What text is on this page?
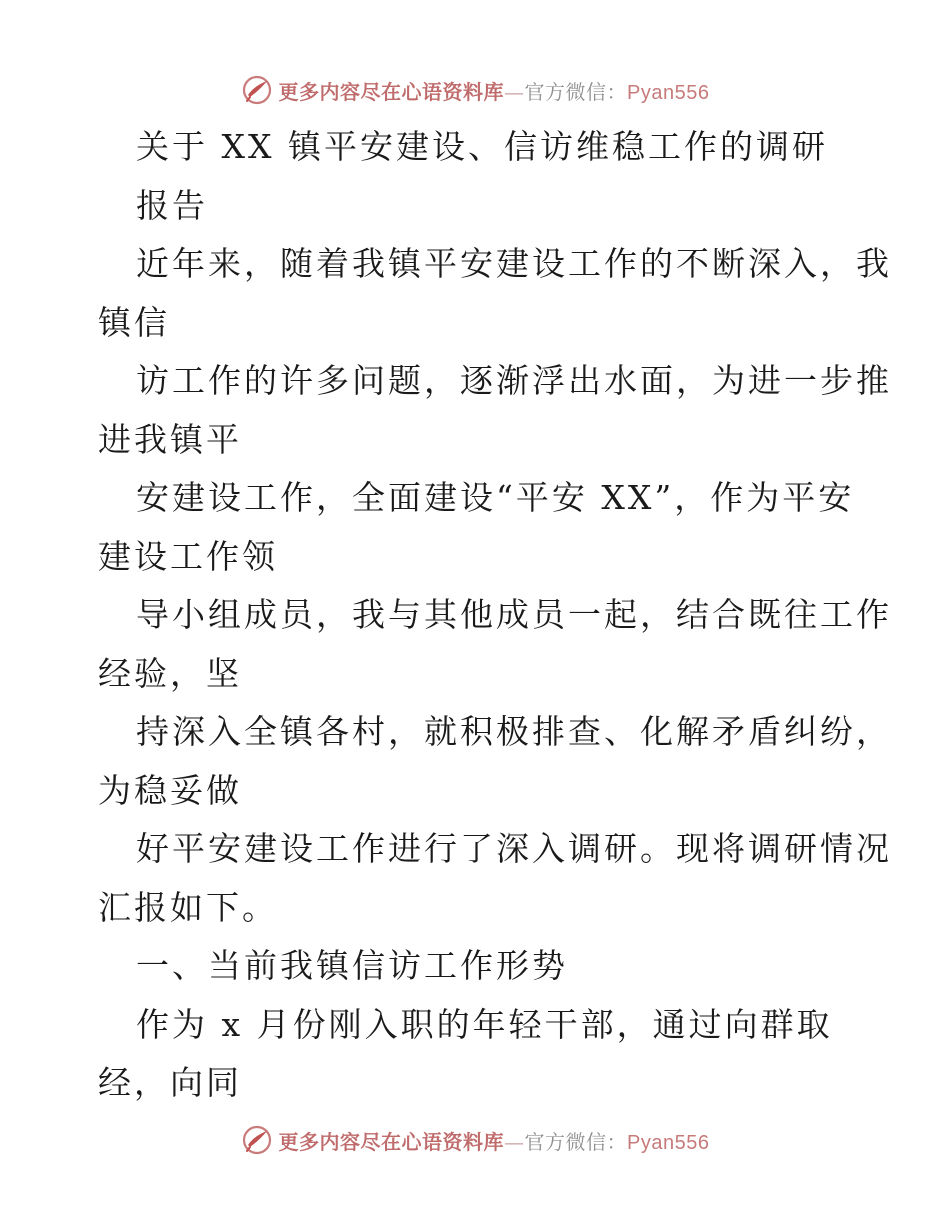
更多内容尽在心语资料库—官方微信：Pyan556
关于 XX 镇平安建设、信访维稳工作的调研
报告
近年来，随着我镇平安建设工作的不断深入，我
镇信
访工作的许多问题，逐渐浮出水面，为进一步推
进我镇平
安建设工作，全面建设“平安 XX”，作为平安
建设工作领
导小组成员，我与其他成员一起，结合既往工作
经验，坚
持深入全镇各村，就积极排查、化解矛盾纠纷，
为稳妥做
好平安建设工作进行了深入调研。现将调研情况
汇报如下。
一、当前我镇信访工作形势
作为 x 月份刚入职的年轻干部，通过向群取
经，向同
更多内容尽在心语资料库—官方微信：Pyan556
